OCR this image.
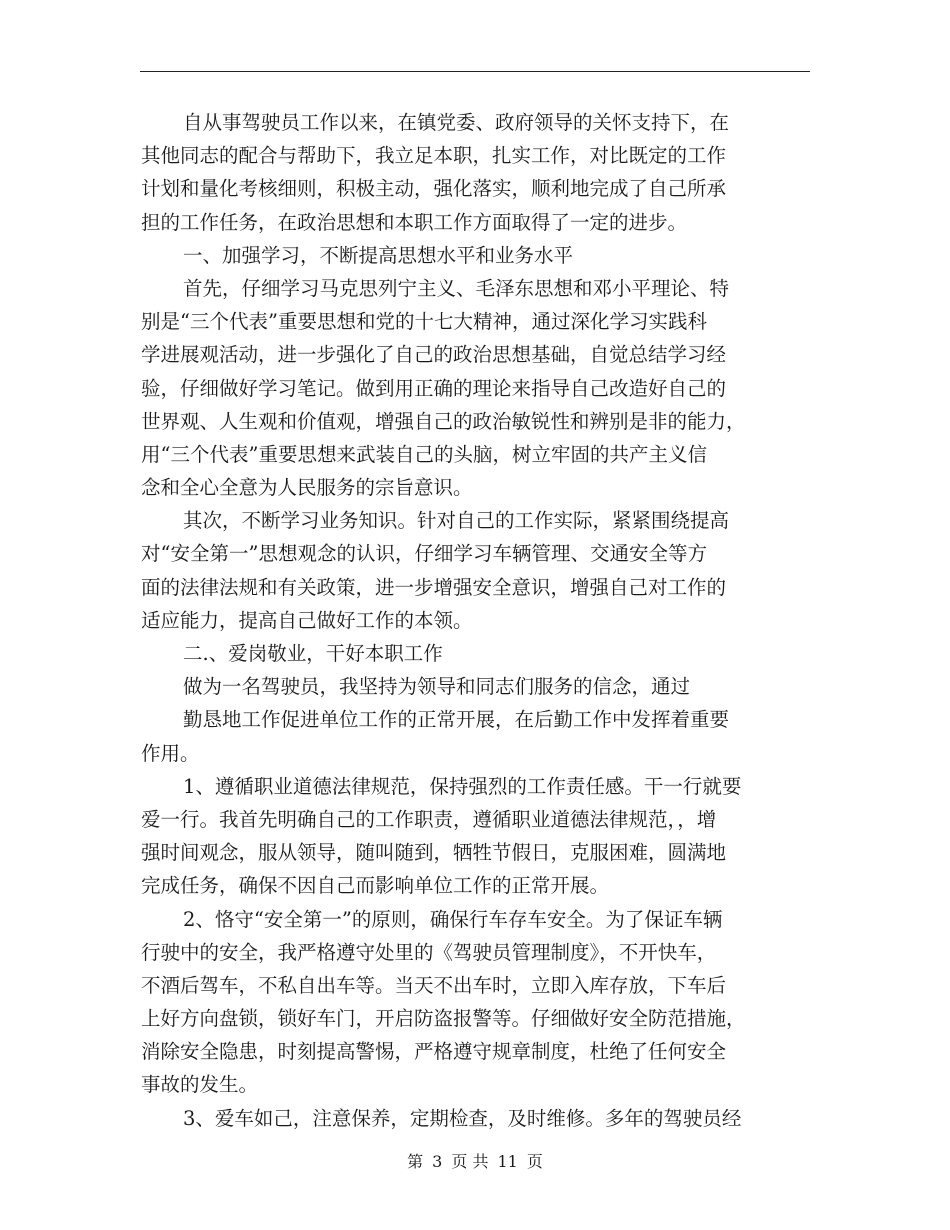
自从事驾驶员工作以来，在镇党委、政府领导的关怀支持下，在
其他同志的配合与帮助下，我立足本职，扎实工作，对比既定的工作
计划和量化考核细则，积极主动，强化落实，顺利地完成了自己所承
担的工作任务，在政治思想和本职工作方面取得了一定的进步。
一、加强学习，不断提高思想水平和业务水平
首先，仔细学习马克思列宁主义、毛泽东思想和邓小平理论、特
别是“三个代表”重要思想和党的十七大精神，通过深化学习实践科
学进展观活动，进一步强化了自己的政治思想基础，自觉总结学习经
验，仔细做好学习笔记。做到用正确的理论来指导自己改造好自己的
世界观、人生观和价值观，增强自己的政治敏锐性和辨别是非的能力，
用“三个代表”重要思想来武装自己的头脑，树立牢固的共产主义信
念和全心全意为人民服务的宗旨意识。
其次，不断学习业务知识。针对自己的工作实际，紧紧围绕提高
对“安全第一”思想观念的认识，仔细学习车辆管理、交通安全等方
面的法律法规和有关政策，进一步增强安全意识，增强自己对工作的
适应能力，提高自己做好工作的本领。
二.、爱岗敬业，干好本职工作
做为一名驾驶员，我坚持为领导和同志们服务的信念，通过
勤恳地工作促进单位工作的正常开展，在后勤工作中发挥着重要
作用。
1、遵循职业道德法律规范，保持强烈的工作责任感。干一行就要
爱一行。我首先明确自己的工作职责，遵循职业道德法律规范，，增
强时间观念，服从领导，随叫随到，牺牲节假日，克服困难，圆满地
完成任务，确保不因自己而影响单位工作的正常开展。
2、恪守“安全第一”的原则，确保行车存车安全。为了保证车辆
行驶中的安全，我严格遵守处里的《驾驶员管理制度》，不开快车，
不酒后驾车，不私自出车等。当天不出车时，立即入库存放，下车后
上好方向盘锁，锁好车门，开启防盗报警等。仔细做好安全防范措施，
消除安全隐患，时刻提高警惕，严格遵守规章制度，杜绝了任何安全
事故的发生。
3、爱车如己，注意保养，定期检查，及时维修。多年的驾驶员经
第 3 页 共 11 页
